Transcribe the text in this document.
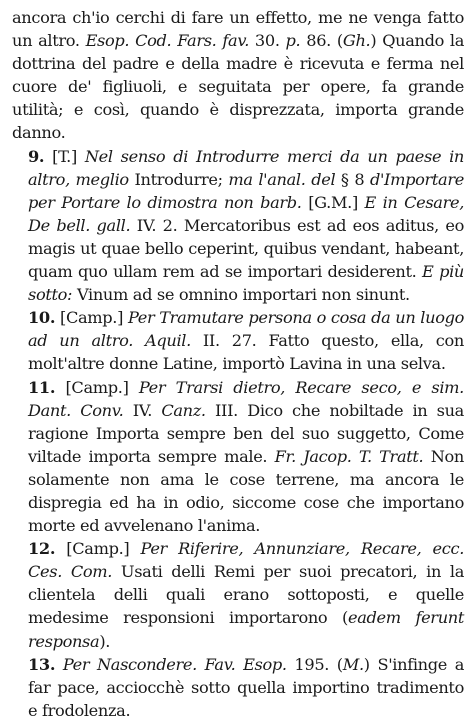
ancora ch'io cerchi di fare un effetto, me ne venga fatto un altro. Esop. Cod. Fars. fav. 30. p. 86. (Gh.) Quando la dottrina del padre e della madre è ricevuta e ferma nel cuore de' figliuoli, e seguitata per opere, fa grande utilità; e così, quando è disprezzata, importa grande danno.

9. [T.] Nel senso di Introdurre merci da un paese in altro, meglio Introdurre; ma l'anal. del § 8 d'Importare per Portare lo dimostra non barb. [G.M.] E in Cesare, De bell. gall. IV. 2. Mercatoribus est ad eos aditus, eo magis ut quae bello ceperint, quibus vendant, habeant, quam quo ullam rem ad se importari desiderent. E più sotto: Vinum ad se omnino importari non sinunt.

10. [Camp.] Per Tramutare persona o cosa da un luogo ad un altro. Aquil. II. 27. Fatto questo, ella, con molt'altre donne Latine, importò Lavina in una selva.

11. [Camp.] Per Trarsi dietro, Recare seco, e sim. Dant. Conv. IV. Canz. III. Dico che nobiltade in sua ragione Importa sempre ben del suo suggetto, Come viltade importa sempre male. Fr. Jacop. T. Tratt. Non solamente non ama le cose terrene, ma ancora le dispregia ed ha in odio, siccome cose che importano morte ed avvelenano l'anima.

12. [Camp.] Per Riferire, Annunziare, Recare, ecc. Ces. Com. Usati delli Remi per suoi precatori, in la clientela delli quali erano sottoposti, e quelle medesime responsioni importarono (eadem ferunt responsa).

13. Per Nascondere. Fav. Esop. 195. (M.) S'infinge a far pace, acciocchè sotto quella importino tradimento e frodolenza.
